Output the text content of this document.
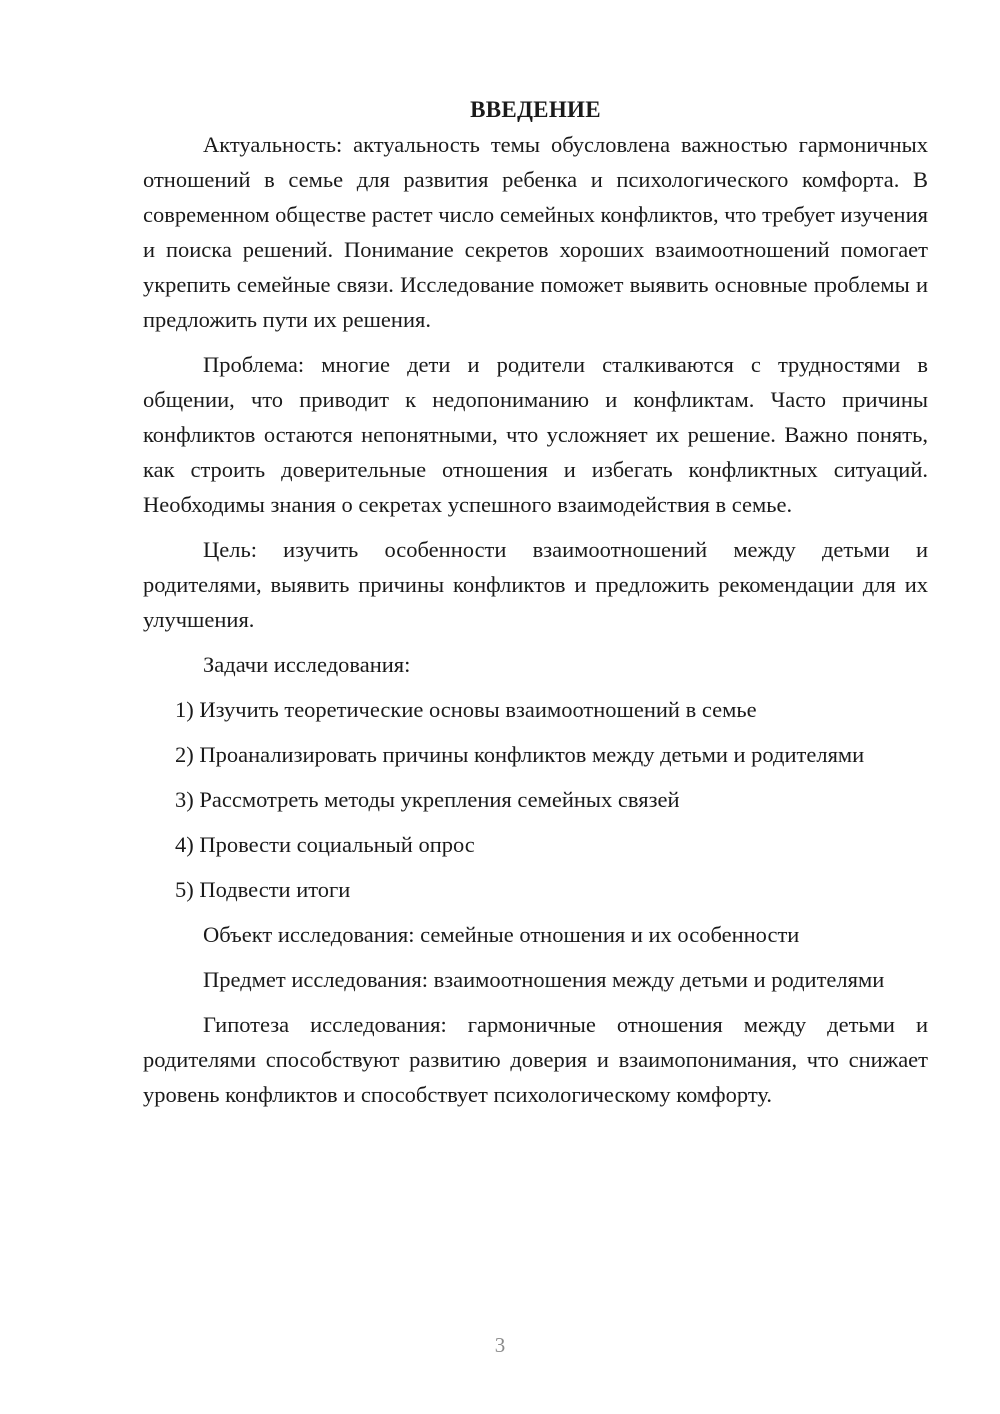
ВВЕДЕНИЕ

Актуальность: актуальность темы обусловлена важностью гармоничных отношений в семье для развития ребенка и психологического комфорта. В современном обществе растет число семейных конфликтов, что требует изучения и поиска решений. Понимание секретов хороших взаимоотношений помогает укрепить семейные связи. Исследование поможет выявить основные проблемы и предложить пути их решения.

Проблема: многие дети и родители сталкиваются с трудностями в общении, что приводит к недопониманию и конфликтам. Часто причины конфликтов остаются непонятными, что усложняет их решение. Важно понять, как строить доверительные отношения и избегать конфликтных ситуаций. Необходимы знания о секретах успешного взаимодействия в семье.

Цель: изучить особенности взаимоотношений между детьми и родителями, выявить причины конфликтов и предложить рекомендации для их улучшения.

Задачи исследования:

1) Изучить теоретические основы взаимоотношений в семье

2) Проанализировать причины конфликтов между детьми и родителями

3) Рассмотреть методы укрепления семейных связей

4) Провести социальный опрос

5) Подвести итоги

Объект исследования: семейные отношения и их особенности

Предмет исследования: взаимоотношения между детьми и родителями

Гипотеза исследования: гармоничные отношения между детьми и родителями способствуют развитию доверия и взаимопонимания, что снижает уровень конфликтов и способствует психологическому комфорту.

3
